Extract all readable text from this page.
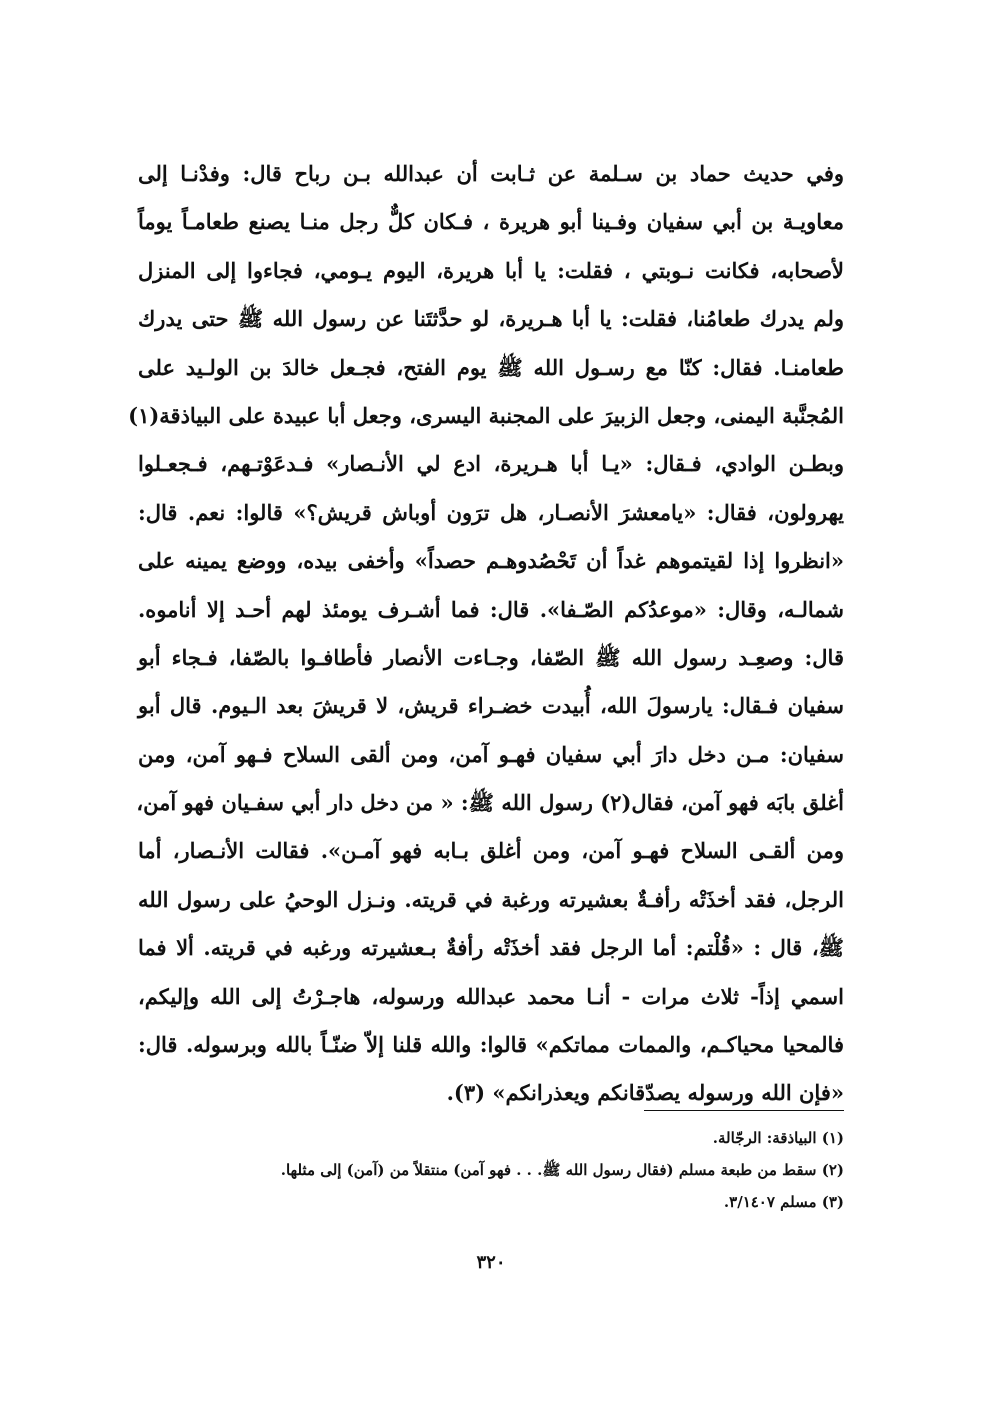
وفي حديث حماد بن سـلمة عن ثـابت أن عبدالله بـن رباح قال: وفدْنـا إلى
معاويـة بن أبي سفيان وفـينا أبو هريرة ، فـكان كلٌّ رجل منـا يصنع طعامـاً يوماً
لأصحابه، فكانت نـوبتي ، فقلت: يا أبا هريرة، اليوم يـومي، فجاءوا إلى المنزل
ولم يدرك طعامُنا، فقلت: يا أبا هـريرة، لو حدَّثتَنا عن رسول الله ﷺ حتى يدرك
طعامنـا. فقال: كنّا مع رسـول الله ﷺ يوم الفتح، فجـعل خالدَ بن الولـيد على
المُجنَّبة اليمنى، وجعل الزبيرَ على المجنبة اليسرى، وجعل أبا عبيدة على البياذقة(١)
وبطـن الوادي، فـقال: «يـا أبا هـريرة، ادع لي الأنـصار» فـدعَوْتـهم، فـجعـلوا
يهرولون، فقال: «يامعشرَ الأنصـار، هل ترَون أوباش قريش؟» قالوا: نعم. قال:
«انظروا إذا لقيتموهم غداً أن تَحْصُدوهـم حصداً» وأخفى بيده، ووضع يمينه على
شمالـه، وقال: «موعدُكم الصّـفا». قال: فما أشـرف يومئذ لهم أحـد إلا أناموه.
قال: وصعِـد رسول الله ﷺ الصّفا، وجـاءت الأنصار فأطافـوا بالصّفا، فـجاء أبو
سفيان فـقال: يارسولَ الله، أُبيدت خضـراء قريش، لا قريشَ بعد الـيوم. قال أبو
سفيان: مـن دخل دارَ أبي سفيان فهـو آمن، ومن ألقى السلاح فـهو آمن، ومن
أغلق بابَه فهو آمن، فقال(٢) رسول الله ﷺ: « من دخل دار أبي سفـيان فهو آمن،
ومن ألقـى السلاح فهـو آمن، ومن أغلق بـابه فهو آمـن». فقالت الأنـصار، أما
الرجل، فقد أخذَتْه رأفـةٌ بعشيرته ورغبة في قريته. ونـزل الوحيُ على رسول الله
ﷺ، قال : «قُلْتم: أما الرجل فقد أخذَتْه رأفةٌ بـعشيرته ورغبه في قريته. ألا فما
اسمي إذاً- ثلاث مرات - أنـا محمد عبدالله ورسوله، هاجـرْتُ إلى الله وإليكم،
فالمحيا محياكـم، والممات مماتكم» قالوا: والله قلنا إلاّ ضنّـاً بالله وبرسوله. قال:
«فإن الله ورسوله يصدّقانكم ويعذرانكم» (٣).
(١) البياذقة: الرجّالة.
(٢) سقط من طبعة مسلم (فقال رسول الله ﷺ. . . فهو آمن) منتقلاً من (آمن) إلى مثلها.
(٣) مسلم ٣/١٤٠٧.
٣٢٠
